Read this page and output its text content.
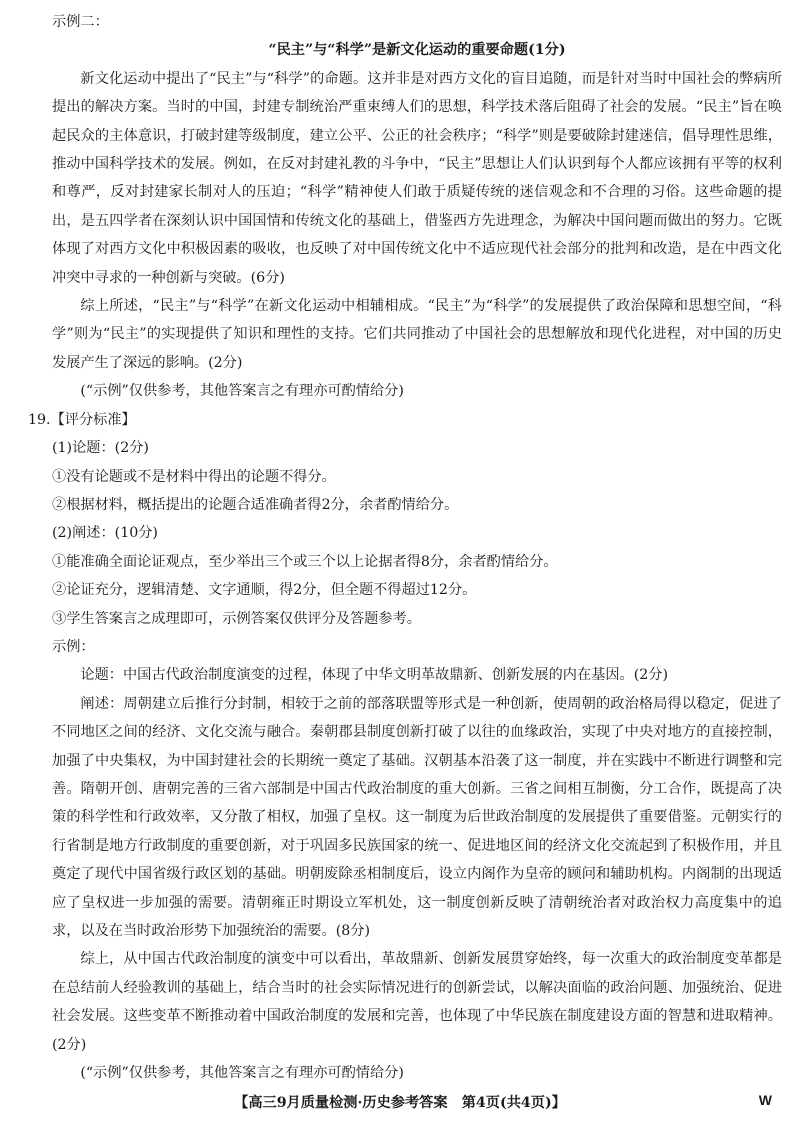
示例二：
“民主”与“科学”是新文化运动的重要命题(1分)

新文化运动中提出了“民主”与“科学”的命题。这并非是对西方文化的盲目追随，而是针对当时中国社会的弊病所提出的解决方案。当时的中国，封建专制统治严重束缚人们的思想，科学技术落后阻碍了社会的发展。“民主”旨在唤起民众的主体意识，打破封建等级制度，建立公平、公正的社会秩序；“科学”则是要破除封建迷信，倡导理性思维，推动中国科学技术的发展。例如，在反对封建礼教的斗争中，“民主”思想让人们认识到每个人都应该拥有平等的权利和尊严，反对封建家长制对人的压迫；“科学”精神使人们敢于质疑传统的迷信观念和不合理的习俗。这些命题的提出，是五四学者在深刻认识中国国情和传统文化的基础上，借鉴西方先进理念，为解决中国问题而做出的努力。它既体现了对西方文化中积极因素的吸收，也反映了对中国传统文化中不适应现代社会部分的批判和改造，是在中西文化冲突中寻求的一种创新与突破。(6分)

综上所述，“民主”与“科学”在新文化运动中相辅相成。“民主”为“科学”的发展提供了政治保障和思想空间，“科学”则为“民主”的实现提供了知识和理性的支持。它们共同推动了中国社会的思想解放和现代化进程，对中国的历史发展产生了深远的影响。(2分)

(“示例”仅供参考，其他答案言之有理亦可酌情给分)
19.【评分标准】
(1)论题：(2分)
①没有论题或不是材料中得出的论题不得分。
②根据材料，概括提出的论题合适准确者得2分，余者酌情给分。
(2)阐述：(10分)
①能准确全面论证观点，至少举出三个或三个以上论据者得8分，余者酌情给分。
②论证充分，逻辑清楚、文字通顺，得2分，但全题不得超过12分。
③学生答案言之成理即可，示例答案仅供评分及答题参考。
示例：

论题：中国古代政治制度演变的过程，体现了中华文明革故鼎新、创新发展的内在基因。(2分)

阐述：周朝建立后推行分封制，相较于之前的部落联盟等形式是一种创新，使周朝的政治格局得以稳定，促进了不同地区之间的经济、文化交流与融合。秦朝郡县制度创新打破了以往的血缘政治，实现了中央对地方的直接控制，加强了中央集权，为中国封建社会的长期统一奠定了基础。汉朝基本沿袭了这一制度，并在实践中不断进行调整和完善。隋朝开创、唐朝完善的三省六部制是中国古代政治制度的重大创新。三省之间相互制衡，分工合作，既提高了决策的科学性和行政效率，又分散了相权，加强了皇权。这一制度为后世政治制度的发展提供了重要借鉴。元朝实行的行省制是地方行政制度的重要创新，对于巩固多民族国家的统一、促进地区间的经济文化交流起到了积极作用，并且奠定了现代中国省级行政区划的基础。明朝废除丞相制度后，设立内阁作为皇帝的顾问和辅助机构。内阁制的出现适应了皇权进一步加强的需要。清朝雍正时期设立军机处，这一制度创新反映了清朝统治者对政治权力高度集中的追求，以及在当时政治形势下加强统治的需要。(8分)

综上，从中国古代政治制度的演变中可以看出，革故鼎新、创新发展贯穿始终，每一次重大的政治制度变革都是在总结前人经验教训的基础上，结合当时的社会实际情况进行的创新尝试，以解决面临的政治问题、加强统治、促进社会发展。这些变革不断推动着中国政治制度的发展和完善，也体现了中华民族在制度建设方面的智慧和进取精神。(2分)

(“示例”仅供参考，其他答案言之有理亦可酌情给分)
【高三9月质量检测·历史参考答案　第4页(共4页)】	W
